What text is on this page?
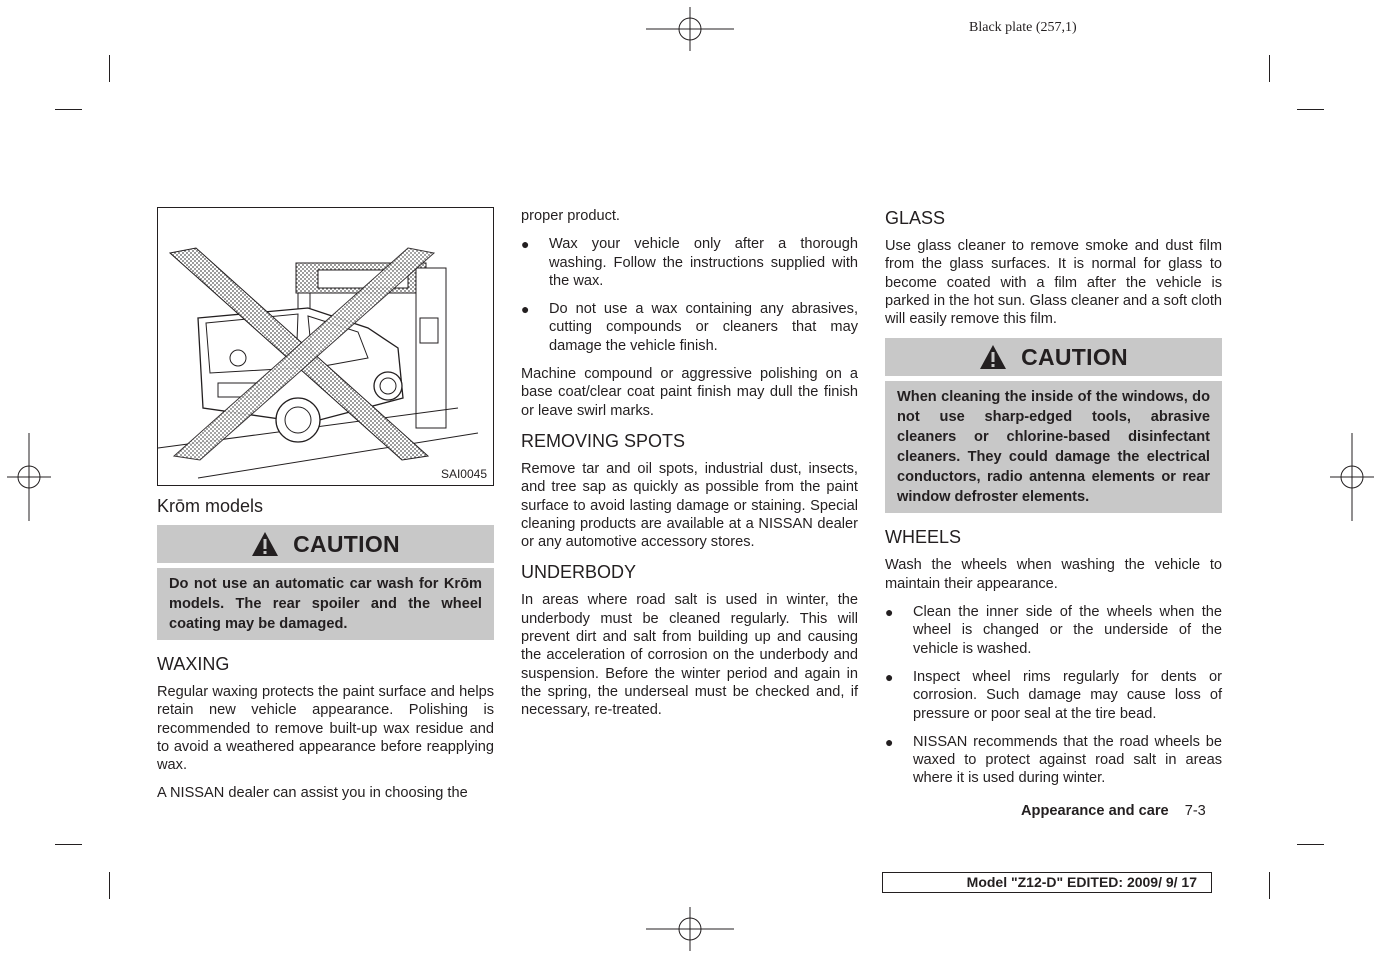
Black plate (257,1)
SAI0045
Krōm models
CAUTION
Do not use an automatic car wash for Krōm models. The rear spoiler and the wheel coating may be damaged.
WAXING

Regular waxing protects the paint surface and helps retain new vehicle appearance. Polishing is recommended to remove built-up wax residue and to avoid a weathered appearance before reapplying wax.

A NISSAN dealer can assist you in choosing the

proper product.

● Wax your vehicle only after a thorough washing. Follow the instructions supplied with the wax.
● Do not use a wax containing any abrasives, cutting compounds or cleaners that may damage the vehicle finish.

Machine compound or aggressive polishing on a base coat/clear coat paint finish may dull the finish or leave swirl marks.

REMOVING SPOTS

Remove tar and oil spots, industrial dust, insects, and tree sap as quickly as possible from the paint surface to avoid lasting damage or staining. Special cleaning products are available at a NISSAN dealer or any automotive accessory stores.

UNDERBODY

In areas where road salt is used in winter, the underbody must be cleaned regularly. This will prevent dirt and salt from building up and causing the acceleration of corrosion on the underbody and suspension. Before the winter period and again in the spring, the underseal must be checked and, if necessary, re-treated.

GLASS

Use glass cleaner to remove smoke and dust film from the glass surfaces. It is normal for glass to become coated with a film after the vehicle is parked in the hot sun. Glass cleaner and a soft cloth will easily remove this film.

CAUTION
When cleaning the inside of the windows, do not use sharp-edged tools, abrasive cleaners or chlorine-based disinfectant cleaners. They could damage the electrical conductors, radio antenna elements or rear window defroster elements.
WHEELS

Wash the wheels when washing the vehicle to maintain their appearance.

● Clean the inner side of the wheels when the wheel is changed or the underside of the vehicle is washed.
● Inspect wheel rims regularly for dents or corrosion. Such damage may cause loss of pressure or poor seal at the tire bead.
● NISSAN recommends that the road wheels be waxed to protect against road salt in areas where it is used during winter.
Appearance and care 7-3
Model "Z12-D" EDITED: 2009/ 9/ 17
